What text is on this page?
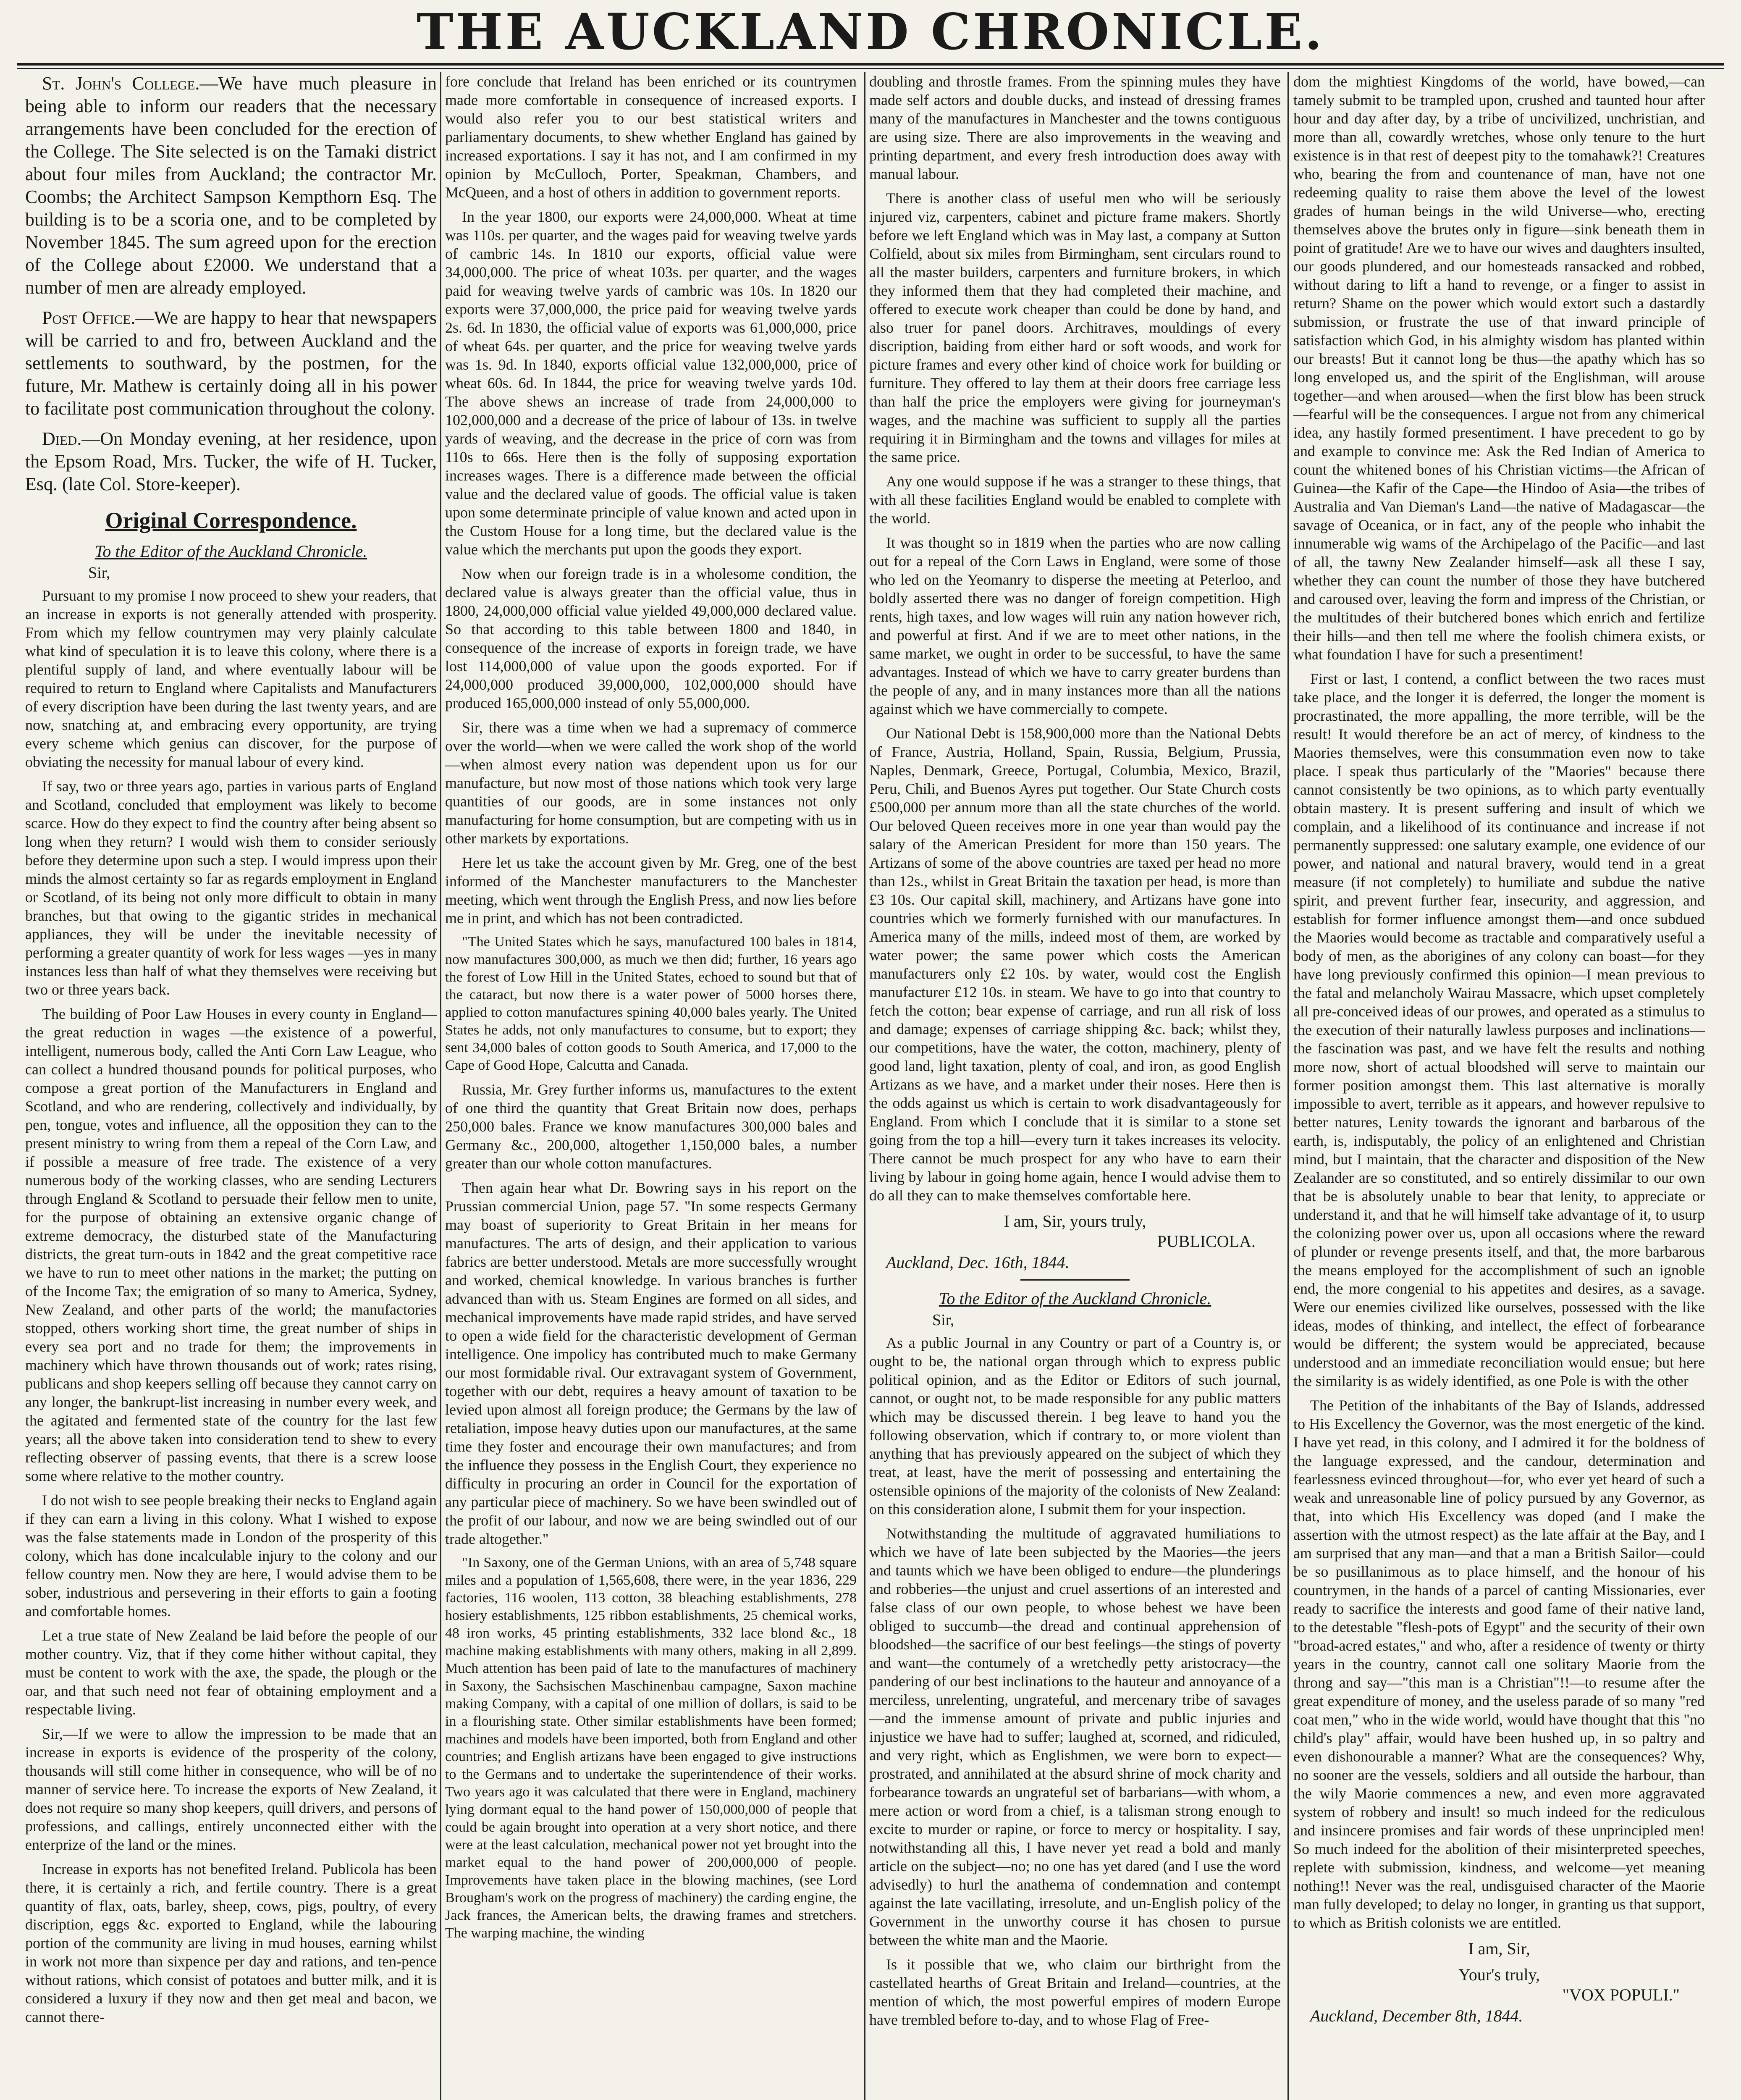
THE AUCKLAND CHRONICLE.

St. John's College.—We have much pleasure in being able to inform our readers that the necessary arrangements have been concluded for the erection of the College. The Site selected is on the Tamaki district about four miles from Auckland; the contractor Mr. Coombs; the Architect Sampson Kempthorn Esq. The building is to be a scoria one, and to be completed by November 1845. The sum agreed upon for the erection of the College about £2000. We understand that a number of men are already employed.

Post Office.—We are happy to hear that newspapers will be carried to and fro, between Auckland and the settlements to southward, by the postmen, for the future, Mr. Mathew is certainly doing all in his power to facilitate post communication throughout the colony.

Died.—On Monday evening, at her residence, upon the Epsom Road, Mrs. Tucker, the wife of H. Tucker, Esq. (late Col. Store-keeper).

Original Correspondence.
To the Editor of the Auckland Chronicle.
Sir,

Pursuant to my promise I now proceed to shew your readers, that an increase in exports is not generally attended with prosperity. From which my fellow countrymen may very plainly calculate what kind of speculation it is to leave this colony, where there is a plentiful supply of land, and where eventually labour will be required to return to England where Capitalists and Manufacturers of every discription have been during the last twenty years, and are now, snatching at, and embracing every opportunity, are trying every scheme which genius can discover, for the purpose of obviating the necessity for manual labour of every kind.

If say, two or three years ago, parties in various parts of England and Scotland, concluded that employment was likely to become scarce. How do they expect to find the country after being absent so long when they return? I would wish them to consider seriously before they determine upon such a step. I would impress upon their minds the almost certainty so far as regards employment in England or Scotland, of its being not only more difficult to obtain in many branches, but that owing to the gigantic strides in mechanical appliances, they will be under the inevitable necessity of performing a greater quantity of work for less wages —yes in many instances less than half of what they themselves were receiving but two or three years back.

The building of Poor Law Houses in every county in England—the great reduction in wages —the existence of a powerful, intelligent, numerous body, called the Anti Corn Law League, who can collect a hundred thousand pounds for political purposes, who compose a great portion of the Manufacturers in England and Scotland, and who are rendering, collectively and individually, by pen, tongue, votes and influence, all the opposition they can to the present ministry to wring from them a repeal of the Corn Law, and if possible a measure of free trade. The existence of a very numerous body of the working classes, who are sending Lecturers through England & Scotland to persuade their fellow men to unite, for the purpose of obtaining an extensive organic change of extreme democracy, the disturbed state of the Manufacturing districts, the great turn-outs in 1842 and the great competitive race we have to run to meet other nations in the market; the putting on of the Income Tax; the emigration of so many to America, Sydney, New Zealand, and other parts of the world; the manufactories stopped, others working short time, the great number of ships in every sea port and no trade for them; the improvements in machinery which have thrown thousands out of work; rates rising, publicans and shop keepers selling off because they cannot carry on any longer, the bankrupt-list increasing in number every week, and the agitated and fermented state of the country for the last few years; all the above taken into consideration tend to shew to every reflecting observer of passing events, that there is a screw loose some where relative to the mother country.

I do not wish to see people breaking their necks to England again if they can earn a living in this colony. What I wished to expose was the false statements made in London of the prosperity of this colony, which has done incalculable injury to the colony and our fellow country men. Now they are here, I would advise them to be sober, industrious and persevering in their efforts to gain a footing and comfortable homes.

Let a true state of New Zealand be laid before the people of our mother country. Viz, that if they come hither without capital, they must be content to work with the axe, the spade, the plough or the oar, and that such need not fear of obtaining employment and a respectable living.

Sir,—If we were to allow the impression to be made that an increase in exports is evidence of the prosperity of the colony, thousands will still come hither in consequence, who will be of no manner of service here. To increase the exports of New Zealand, it does not require so many shop keepers, quill drivers, and persons of professions, and callings, entirely unconnected either with the enterprize of the land or the mines.

Increase in exports has not benefited Ireland. Publicola has been there, it is certainly a rich, and fertile country. There is a great quantity of flax, oats, barley, sheep, cows, pigs, poultry, of every discription, eggs &c. exported to England, while the labouring portion of the community are living in mud houses, earning whilst in work not more than sixpence per day and rations, and ten-pence without rations, which consist of potatoes and butter milk, and it is considered a luxury if they now and then get meal and bacon, we cannot there-

fore conclude that Ireland has been enriched or its countrymen made more comfortable in consequence of increased exports. I would also refer you to our best statistical writers and parliamentary documents, to shew whether England has gained by increased exportations. I say it has not, and I am confirmed in my opinion by McCulloch, Porter, Speakman, Chambers, and McQueen, and a host of others in addition to government reports.

In the year 1800, our exports were 24,000,000. Wheat at time was 110s. per quarter, and the wages paid for weaving twelve yards of cambric 14s. In 1810 our exports, official value were 34,000,000. The price of wheat 103s. per quarter, and the wages paid for weaving twelve yards of cambric was 10s. In 1820 our exports were 37,000,000, the price paid for weaving twelve yards 2s. 6d. In 1830, the official value of exports was 61,000,000, price of wheat 64s. per quarter, and the price for weaving twelve yards was 1s. 9d. In 1840, exports official value 132,000,000, price of wheat 60s. 6d. In 1844, the price for weaving twelve yards 10d. The above shews an increase of trade from 24,000,000 to 102,000,000 and a decrease of the price of labour of 13s. in twelve yards of weaving, and the decrease in the price of corn was from 110s to 66s. Here then is the folly of supposing exportation increases wages. There is a difference made between the official value and the declared value of goods. The official value is taken upon some determinate principle of value known and acted upon in the Custom House for a long time, but the declared value is the value which the merchants put upon the goods they export.

Now when our foreign trade is in a wholesome condition, the declared value is always greater than the official value, thus in 1800, 24,000,000 official value yielded 49,000,000 declared value. So that according to this table between 1800 and 1840, in consequence of the increase of exports in foreign trade, we have lost 114,000,000 of value upon the goods exported. For if 24,000,000 produced 39,000,000, 102,000,000 should have produced 165,000,000 instead of only 55,000,000.

Sir, there was a time when we had a supremacy of commerce over the world—when we were called the work shop of the world—when almost every nation was dependent upon us for our manufacture, but now most of those nations which took very large quantities of our goods, are in some instances not only manufacturing for home consumption, but are competing with us in other markets by exportations.

Here let us take the account given by Mr. Greg, one of the best informed of the Manchester manufacturers to the Manchester meeting, which went through the English Press, and now lies before me in print, and which has not been contradicted.

"The United States which he says, manufactured 100 bales in 1814, now manufactures 300,000, as much we then did; further, 16 years ago the forest of Low Hill in the United States, echoed to sound but that of the cataract, but now there is a water power of 5000 horses there, applied to cotton manufactures spining 40,000 bales yearly. The United States he adds, not only manufactures to consume, but to export; they sent 34,000 bales of cotton goods to South America, and 17,000 to the Cape of Good Hope, Calcutta and Canada.

Russia, Mr. Grey further informs us, manufactures to the extent of one third the quantity that Great Britain now does, perhaps 250,000 bales. France we know manufactures 300,000 bales and Germany &c., 200,000, altogether 1,150,000 bales, a number greater than our whole cotton manufactures.

Then again hear what Dr. Bowring says in his report on the Prussian commercial Union, page 57. "In some respects Germany may boast of superiority to Great Britain in her means for manufactures. The arts of design, and their application to various fabrics are better understood. Metals are more successfully wrought and worked, chemical knowledge. In various branches is further advanced than with us. Steam Engines are formed on all sides, and mechanical improvements have made rapid strides, and have served to open a wide field for the characteristic development of German intelligence. One impolicy has contributed much to make Germany our most formidable rival. Our extravagant system of Government, together with our debt, requires a heavy amount of taxation to be levied upon almost all foreign produce; the Germans by the law of retaliation, impose heavy duties upon our manufactures, at the same time they foster and encourage their own manufactures; and from the influence they possess in the English Court, they experience no difficulty in procuring an order in Council for the exportation of any particular piece of machinery. So we have been swindled out of the profit of our labour, and now we are being swindled out of our trade altogether."

"In Saxony, one of the German Unions, with an area of 5,748 square miles and a population of 1,565,608, there were, in the year 1836, 229 factories, 116 woolen, 113 cotton, 38 bleaching establishments, 278 hosiery establishments, 125 ribbon establishments, 25 chemical works, 48 iron works, 45 printing establishments, 332 lace blond &c., 18 machine making establishments with many others, making in all 2,899. Much attention has been paid of late to the manufactures of machinery in Saxony, the Sachsischen Maschinenbau campagne, Saxon machine making Company, with a capital of one million of dollars, is said to be in a flourishing state. Other similar establishments have been formed; machines and models have been imported, both from England and other countries; and English artizans have been engaged to give instructions to the Germans and to undertake the superintendence of their works. Two years ago it was calculated that there were in England, machinery lying dormant equal to the hand power of 150,000,000 of people that could be again brought into operation at a very short notice, and there were at the least calculation, mechanical power not yet brought into the market equal to the hand power of 200,000,000 of people. Improvements have taken place in the blowing machines, (see Lord Brougham's work on the progress of machinery) the carding engine, the Jack frances, the American belts, the drawing frames and stretchers. The warping machine, the winding

doubling and throstle frames. From the spinning mules they have made self actors and double ducks, and instead of dressing frames many of the manufactures in Manchester and the towns contiguous are using size. There are also improvements in the weaving and printing department, and every fresh introduction does away with manual labour.

There is another class of useful men who will be seriously injured viz, carpenters, cabinet and picture frame makers. Shortly before we left England which was in May last, a company at Sutton Colfield, about six miles from Birmingham, sent circulars round to all the master builders, carpenters and furniture brokers, in which they informed them that they had completed their machine, and offered to execute work cheaper than could be done by hand, and also truer for panel doors. Architraves, mouldings of every discription, baiding from either hard or soft woods, and work for picture frames and every other kind of choice work for building or furniture. They offered to lay them at their doors free carriage less than half the price the employers were giving for journeyman's wages, and the machine was sufficient to supply all the parties requiring it in Birmingham and the towns and villages for miles at the same price.

Any one would suppose if he was a stranger to these things, that with all these facilities England would be enabled to complete with the world.

It was thought so in 1819 when the parties who are now calling out for a repeal of the Corn Laws in England, were some of those who led on the Yeomanry to disperse the meeting at Peterloo, and boldly asserted there was no danger of foreign competition. High rents, high taxes, and low wages will ruin any nation however rich, and powerful at first. And if we are to meet other nations, in the same market, we ought in order to be successful, to have the same advantages. Instead of which we have to carry greater burdens than the people of any, and in many instances more than all the nations against which we have commercially to compete.

Our National Debt is 158,900,000 more than the National Debts of France, Austria, Holland, Spain, Russia, Belgium, Prussia, Naples, Denmark, Greece, Portugal, Columbia, Mexico, Brazil, Peru, Chili, and Buenos Ayres put together. Our State Church costs £500,000 per annum more than all the state churches of the world. Our beloved Queen receives more in one year than would pay the salary of the American President for more than 150 years. The Artizans of some of the above countries are taxed per head no more than 12s., whilst in Great Britain the taxation per head, is more than £3 10s. Our capital skill, machinery, and Artizans have gone into countries which we formerly furnished with our manufactures. In America many of the mills, indeed most of them, are worked by water power; the same power which costs the American manufacturers only £2 10s. by water, would cost the English manufacturer £12 10s. in steam. We have to go into that country to fetch the cotton; bear expense of carriage, and run all risk of loss and damage; expenses of carriage shipping &c. back; whilst they, our competitions, have the water, the cotton, machinery, plenty of good land, light taxation, plenty of coal, and iron, as good English Artizans as we have, and a market under their noses. Here then is the odds against us which is certain to work disadvantageously for England. From which I conclude that it is similar to a stone set going from the top a hill—every turn it takes increases its velocity. There cannot be much prospect for any who have to earn their living by labour in going home again, hence I would advise them to do all they can to make themselves comfortable here.

I am, Sir, yours truly,
PUBLICOLA.
Auckland, Dec. 16th, 1844.
To the Editor of the Auckland Chronicle.
Sir,

As a public Journal in any Country or part of a Country is, or ought to be, the national organ through which to express public political opinion, and as the Editor or Editors of such journal, cannot, or ought not, to be made responsible for any public matters which may be discussed therein. I beg leave to hand you the following observation, which if contrary to, or more violent than anything that has previously appeared on the subject of which they treat, at least, have the merit of possessing and entertaining the ostensible opinions of the majority of the colonists of New Zealand: on this consideration alone, I submit them for your inspection.

Notwithstanding the multitude of aggravated humiliations to which we have of late been subjected by the Maories—the jeers and taunts which we have been obliged to endure—the plunderings and robberies—the unjust and cruel assertions of an interested and false class of our own people, to whose behest we have been obliged to succumb—the dread and continual apprehension of bloodshed—the sacrifice of our best feelings—the stings of poverty and want—the contumely of a wretchedly petty aristocracy—the pandering of our best inclinations to the hauteur and annoyance of a merciless, unrelenting, ungrateful, and mercenary tribe of savages—and the immense amount of private and public injuries and injustice we have had to suffer; laughed at, scorned, and ridiculed, and very right, which as Englishmen, we were born to expect—prostrated, and annihilated at the absurd shrine of mock charity and forbearance towards an ungrateful set of barbarians—with whom, a mere action or word from a chief, is a talisman strong enough to excite to murder or rapine, or force to mercy or hospitality. I say, notwithstanding all this, I have never yet read a bold and manly article on the subject—no; no one has yet dared (and I use the word advisedly) to hurl the anathema of condemnation and contempt against the late vacillating, irresolute, and un-English policy of the Government in the unworthy course it has chosen to pursue between the white man and the Maorie.

Is it possible that we, who claim our birthright from the castellated hearths of Great Britain and Ireland—countries, at the mention of which, the most powerful empires of modern Europe have trembled before to-day, and to whose Flag of Free-

dom the mightiest Kingdoms of the world, have bowed,—can tamely submit to be trampled upon, crushed and taunted hour after hour and day after day, by a tribe of uncivilized, unchristian, and more than all, cowardly wretches, whose only tenure to the hurt existence is in that rest of deepest pity to the tomahawk?! Creatures who, bearing the from and countenance of man, have not one redeeming quality to raise them above the level of the lowest grades of human beings in the wild Universe—who, erecting themselves above the brutes only in figure—sink beneath them in point of gratitude! Are we to have our wives and daughters insulted, our goods plundered, and our homesteads ransacked and robbed, without daring to lift a hand to revenge, or a finger to assist in return? Shame on the power which would extort such a dastardly submission, or frustrate the use of that inward principle of satisfaction which God, in his almighty wisdom has planted within our breasts! But it cannot long be thus—the apathy which has so long enveloped us, and the spirit of the Englishman, will arouse together—and when aroused—when the first blow has been struck—fearful will be the consequences. I argue not from any chimerical idea, any hastily formed presentiment. I have precedent to go by and example to convince me: Ask the Red Indian of America to count the whitened bones of his Christian victims—the African of Guinea—the Kafir of the Cape—the Hindoo of Asia—the tribes of Australia and Van Dieman's Land—the native of Madagascar—the savage of Oceanica, or in fact, any of the people who inhabit the innumerable wig wams of the Archipelago of the Pacific—and last of all, the tawny New Zealander himself—ask all these I say, whether they can count the number of those they have butchered and caroused over, leaving the form and impress of the Christian, or the multitudes of their butchered bones which enrich and fertilize their hills—and then tell me where the foolish chimera exists, or what foundation I have for such a presentiment!

First or last, I contend, a conflict between the two races must take place, and the longer it is deferred, the longer the moment is procrastinated, the more appalling, the more terrible, will be the result! It would therefore be an act of mercy, of kindness to the Maories themselves, were this consummation even now to take place. I speak thus particularly of the "Maories" because there cannot consistently be two opinions, as to which party eventually obtain mastery. It is present suffering and insult of which we complain, and a likelihood of its continuance and increase if not permanently suppressed: one salutary example, one evidence of our power, and national and natural bravery, would tend in a great measure (if not completely) to humiliate and subdue the native spirit, and prevent further fear, insecurity, and aggression, and establish for former influence amongst them—and once subdued the Maories would become as tractable and comparatively useful a body of men, as the aborigines of any colony can boast—for they have long previously confirmed this opinion—I mean previous to the fatal and melancholy Wairau Massacre, which upset completely all pre-conceived ideas of our prowes, and operated as a stimulus to the execution of their naturally lawless purposes and inclinations—the fascination was past, and we have felt the results and nothing more now, short of actual bloodshed will serve to maintain our former position amongst them. This last alternative is morally impossible to avert, terrible as it appears, and however repulsive to better natures, Lenity towards the ignorant and barbarous of the earth, is, indisputably, the policy of an enlightened and Christian mind, but I maintain, that the character and disposition of the New Zealander are so constituted, and so entirely dissimilar to our own that be is absolutely unable to bear that lenity, to appreciate or understand it, and that he will himself take advantage of it, to usurp the colonizing power over us, upon all occasions where the reward of plunder or revenge presents itself, and that, the more barbarous the means employed for the accomplishment of such an ignoble end, the more congenial to his appetites and desires, as a savage. Were our enemies civilized like ourselves, possessed with the like ideas, modes of thinking, and intellect, the effect of forbearance would be different; the system would be appreciated, because understood and an immediate reconciliation would ensue; but here the similarity is as widely identified, as one Pole is with the other

The Petition of the inhabitants of the Bay of Islands, addressed to His Excellency the Governor, was the most energetic of the kind. I have yet read, in this colony, and I admired it for the boldness of the language expressed, and the candour, determination and fearlessness evinced throughout—for, who ever yet heard of such a weak and unreasonable line of policy pursued by any Governor, as that, into which His Excellency was doped (and I make the assertion with the utmost respect) as the late affair at the Bay, and I am surprised that any man—and that a man a British Sailor—could be so pusillanimous as to place himself, and the honour of his countrymen, in the hands of a parcel of canting Missionaries, ever ready to sacrifice the interests and good fame of their native land, to the detestable "flesh-pots of Egypt" and the security of their own "broad-acred estates," and who, after a residence of twenty or thirty years in the country, cannot call one solitary Maorie from the throng and say—"this man is a Christian"!!—to resume after the great expenditure of money, and the useless parade of so many "red coat men," who in the wide world, would have thought that this "no child's play" affair, would have been hushed up, in so paltry and even dishonourable a manner? What are the consequences? Why, no sooner are the vessels, soldiers and all outside the harbour, than the wily Maorie commences a new, and even more aggravated system of robbery and insult! so much indeed for the rediculous and insincere promises and fair words of these unprincipled men! So much indeed for the abolition of their misinterpreted speeches, replete with submission, kindness, and welcome—yet meaning nothing!! Never was the real, undisguised character of the Maorie man fully developed; to delay no longer, in granting us that support, to which as British colonists we are entitled.

I am, Sir,
Your's truly,
"VOX POPULI."
Auckland, December 8th, 1844.
